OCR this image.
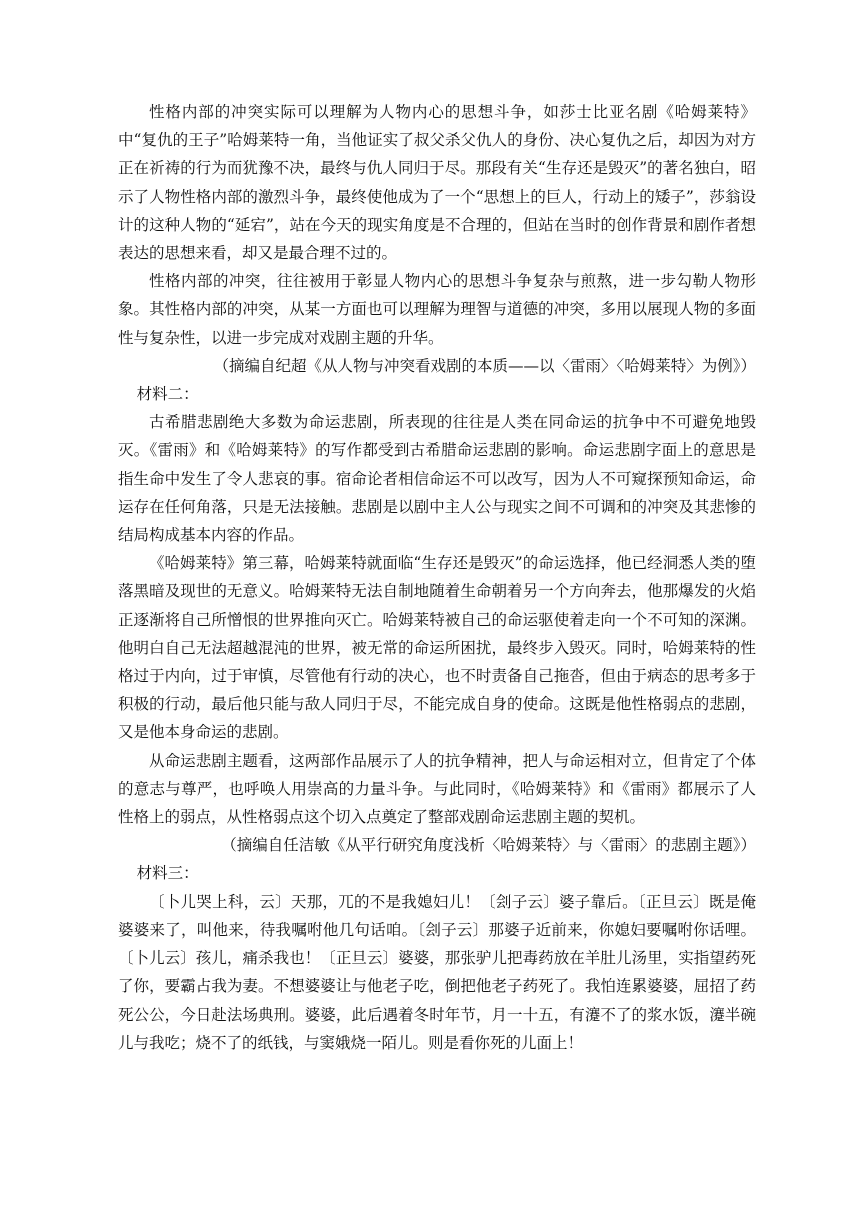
性格内部的冲突实际可以理解为人物内心的思想斗争，如莎士比亚名剧《哈姆莱特》中“复仇的王子”哈姆莱特一角，当他证实了叔父杀父仇人的身份、决心复仇之后，却因为对方正在祈祷的行为而犹豫不决，最终与仇人同归于尽。那段有关“生存还是毁灭”的著名独白，昭示了人物性格内部的激烈斗争，最终使他成为了一个“思想上的巨人，行动上的矮子”，莎翁设计的这种人物的“延宕”，站在今天的现实角度是不合理的，但站在当时的创作背景和剧作者想表达的思想来看，却又是最合理不过的。

性格内部的冲突，往往被用于彰显人物内心的思想斗争复杂与煎熬，进一步勾勒人物形象。其性格内部的冲突，从某一方面也可以理解为理智与道德的冲突，多用以展现人物的多面性与复杂性，以进一步完成对戏剧主题的升华。

（摘编自纪超《从人物与冲突看戏剧的本质——以〈雷雨〉〈哈姆莱特〉为例》）

材料二：

古希腊悲剧绝大多数为命运悲剧，所表现的往往是人类在同命运的抗争中不可避免地毁灭。《雷雨》和《哈姆莱特》的写作都受到古希腊命运悲剧的影响。命运悲剧字面上的意思是指生命中发生了令人悲哀的事。宿命论者相信命运不可以改写，因为人不可窥探预知命运，命运存在任何角落，只是无法接触。悲剧是以剧中主人公与现实之间不可调和的冲突及其悲惨的结局构成基本内容的作品。

《哈姆莱特》第三幕，哈姆莱特就面临“生存还是毁灭”的命运选择，他已经洞悉人类的堕落黑暗及现世的无意义。哈姆莱特无法自制地随着生命朝着另一个方向奔去，他那爆发的火焰正逐渐将自己所憎恨的世界推向灭亡。哈姆莱特被自己的命运驱使着走向一个不可知的深渊。他明白自己无法超越混沌的世界，被无常的命运所困扰，最终步入毁灭。同时，哈姆莱特的性格过于内向，过于审慎，尽管他有行动的决心，也不时责备自己拖沓，但由于病态的思考多于积极的行动，最后他只能与敌人同归于尽，不能完成自身的使命。这既是他性格弱点的悲剧，又是他本身命运的悲剧。

从命运悲剧主题看，这两部作品展示了人的抗争精神，把人与命运相对立，但肯定了个体的意志与尊严，也呼唤人用崇高的力量斗争。与此同时，《哈姆莱特》和《雷雨》都展示了人性格上的弱点，从性格弱点这个切入点奠定了整部戏剧命运悲剧主题的契机。

（摘编自任洁敏《从平行研究角度浅析〈哈姆莱特〉与〈雷雨〉的悲剧主题》）

材料三：

〔卜儿哭上科，云〕天那，兀的不是我媳妇儿！〔刽子云〕婆子靠后。〔正旦云〕既是俺婆婆来了，叫他来，待我嘱咐他几句话咱。〔刽子云〕那婆子近前来，你媳妇要嘱咐你话哩。〔卜儿云〕孩儿，痛杀我也！〔正旦云〕婆婆，那张驴儿把毒药放在羊肚儿汤里，实指望药死了你，要霸占我为妻。不想婆婆让与他老子吃，倒把他老子药死了。我怕连累婆婆，屈招了药死公公，今日赴法场典刑。婆婆，此后遇着冬时年节，月一十五，有瀽不了的浆水饭，瀽半碗儿与我吃；烧不了的纸钱，与窦娥烧一陌儿。则是看你死的儿面上！
